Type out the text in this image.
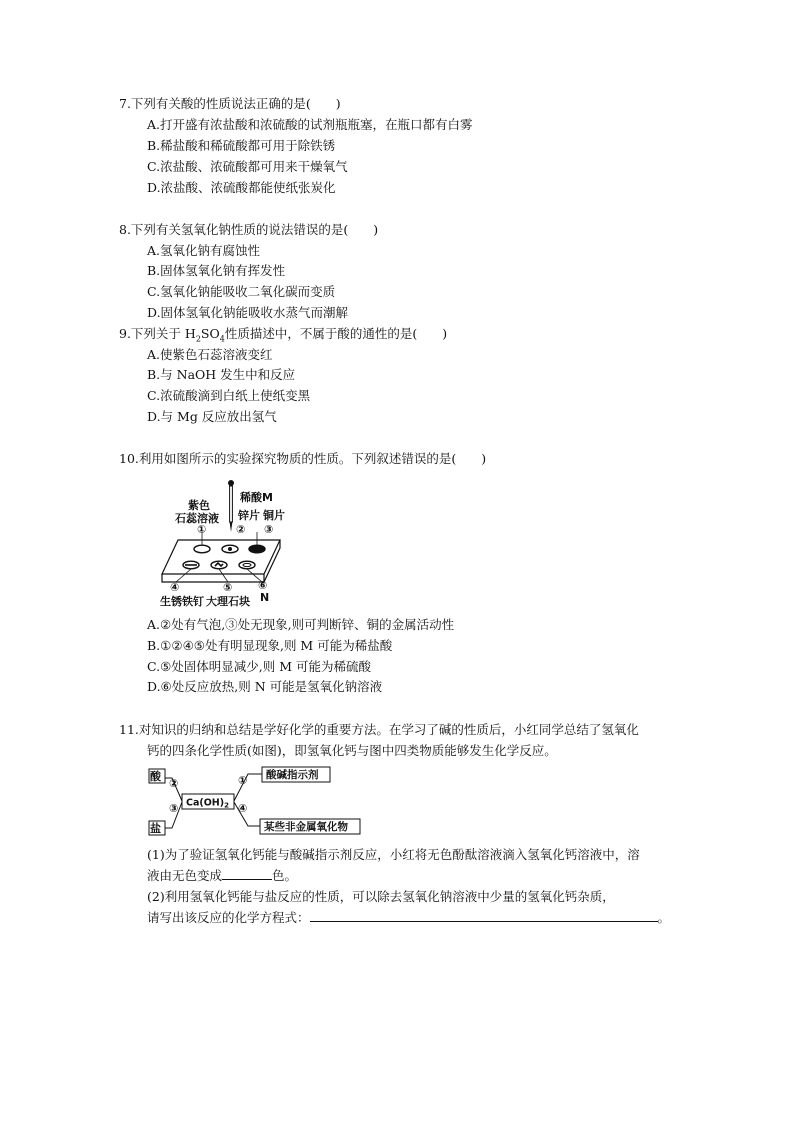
7.下列有关酸的性质说法正确的是(　　)
A.打开盛有浓盐酸和浓硫酸的试剂瓶瓶塞，在瓶口都有白雾
B.稀盐酸和稀硫酸都可用于除铁锈
C.浓盐酸、浓硫酸都可用来干燥氧气
D.浓盐酸、浓硫酸都能使纸张炭化
8.下列有关氢氧化钠性质的说法错误的是(　　)
A.氢氧化钠有腐蚀性
B.固体氢氧化钠有挥发性
C.氢氧化钠能吸收二氧化碳而变质
D.固体氢氧化钠能吸收水蒸气而潮解
9.下列关于 $H_2SO_4$性质描述中，不属于酸的通性的是(　　)
A.使紫色石蕊溶液变红
B.与 NaOH 发生中和反应
C.浓硫酸滴到白纸上使纸变黑
D.与 Mg 反应放出氢气
10.利用如图所示的实验探究物质的性质。下列叙述错误的是(　　)
紫色
石蕊溶液
①
稀酸M
锌片 铜片
② ③
④	⑤ ⑥
N
生锈铁钉 大理石块
A.②处有气泡,③处无现象,则可判断锌、铜的金属活动性
B.①②④⑤处有明显现象,则 M 可能为稀盐酸
C.⑤处固体明显减少,则 M 可能为稀硫酸
D.⑥处反应放热,则 N 可能是氢氧化钠溶液
11.对知识的归纳和总结是学好化学的重要方法。在学习了碱的性质后，小红同学总结了氢氧化
钙的四条化学性质(如图)，即氢氧化钙与图中四类物质能够发生化学反应。
酸
盐
酸碱指示剂
某些非金属氧化物
$Ca(OH)_2$
②
③
①
④
(1)为了验证氢氧化钙能与酸碱指示剂反应，小红将无色酚酞溶液滴入氢氧化钙溶液中，溶
液由无色变成	色。
(2)利用氢氧化钙能与盐反应的性质，可以除去氢氧化钠溶液中少量的氢氧化钙杂质，
请写出该反应的化学方程式：	。
